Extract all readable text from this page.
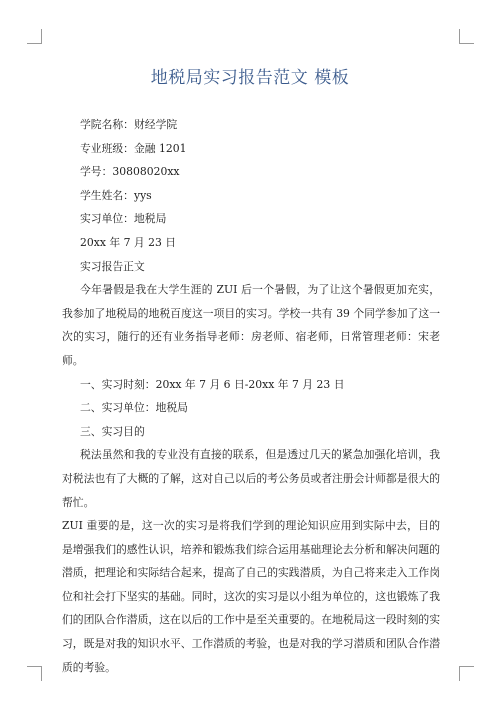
地税局实习报告范文 模板
学院名称：财经学院
专业班级：金融 1201
学号：30808020xx
学生姓名：yys
实习单位：地税局
20xx 年 7 月 23 日
实习报告正文
今年暑假是我在大学生涯的 ZUI 后一个暑假，为了让这个暑假更加充实，我参加了地税局的地税百度这一项目的实习。学校一共有 39 个同学参加了这一次的实习，随行的还有业务指导老师：房老师、宿老师，日常管理老师：宋老师。
一、实习时刻：20xx 年 7 月 6 日-20xx 年 7 月 23 日
二、实习单位：地税局
三、实习目的
税法虽然和我的专业没有直接的联系，但是透过几天的紧急加强化培训，我对税法也有了大概的了解，这对自己以后的考公务员或者注册会计师都是很大的帮忙。
ZUI 重要的是，这一次的实习是将我们学到的理论知识应用到实际中去，目的是增强我们的感性认识，培养和锻炼我们综合运用基础理论去分析和解决问题的潜质，把理论和实际结合起来，提高了自己的实践潜质，为自己将来走入工作岗位和社会打下坚实的基础。同时，这次的实习是以小组为单位的，这也锻炼了我们的团队合作潜质，这在以后的工作中是至关重要的。在地税局这一段时刻的实习，既是对我的知识水平、工作潜质的考验，也是对我的学习潜质和团队合作潜质的考验。
